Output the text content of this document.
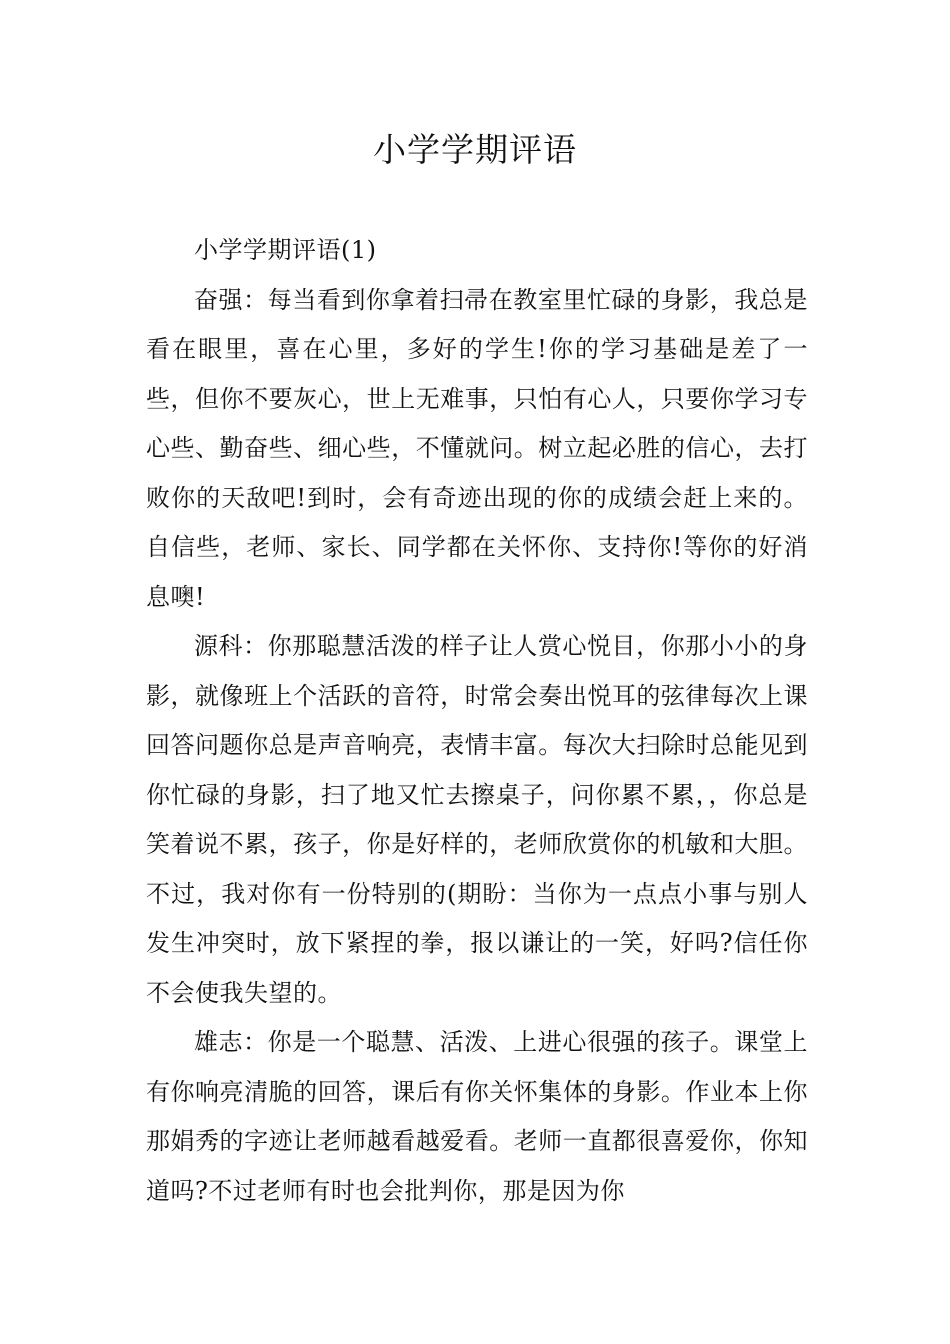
小学学期评语

小学学期评语(1)

奋强：每当看到你拿着扫帚在教室里忙碌的身影，我总是看在眼里，喜在心里，多好的学生!你的学习基础是差了一些，但你不要灰心，世上无难事，只怕有心人，只要你学习专心些、勤奋些、细心些，不懂就问。树立起必胜的信心，去打败你的天敌吧!到时，会有奇迹出现的你的成绩会赶上来的。自信些，老师、家长、同学都在关怀你、支持你!等你的好消息噢!

源科：你那聪慧活泼的样子让人赏心悦目，你那小小的身影，就像班上个活跃的音符，时常会奏出悦耳的弦律每次上课回答问题你总是声音响亮，表情丰富。每次大扫除时总能见到你忙碌的身影，扫了地又忙去擦桌子，问你累不累，，你总是笑着说不累，孩子，你是好样的，老师欣赏你的机敏和大胆。不过，我对你有一份特别的(期盼：当你为一点点小事与别人发生冲突时，放下紧捏的拳，报以谦让的一笑，好吗?信任你不会使我失望的。

雄志：你是一个聪慧、活泼、上进心很强的孩子。课堂上有你响亮清脆的回答，课后有你关怀集体的身影。作业本上你那娟秀的字迹让老师越看越爱看。老师一直都很喜爱你，你知道吗?不过老师有时也会批判你，那是因为你
